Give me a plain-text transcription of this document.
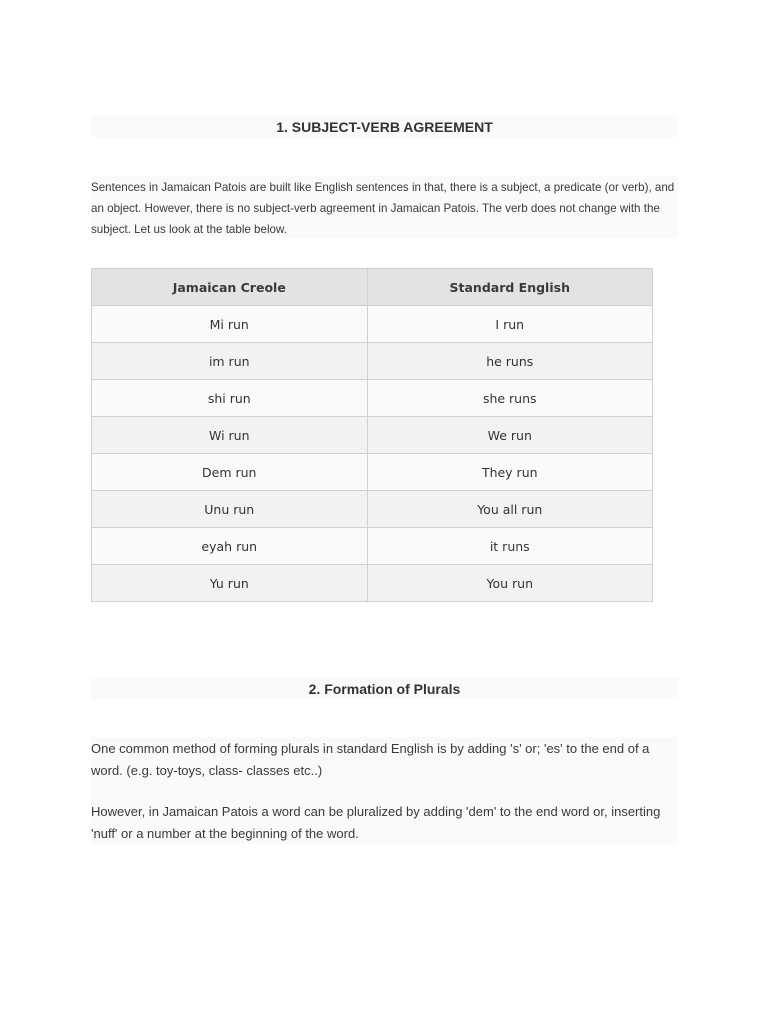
1. SUBJECT-VERB AGREEMENT

Sentences in Jamaican Patois are built like English sentences in that, there is a subject, a predicate (or verb), and an object. However, there is no subject-verb agreement in Jamaican Patois. The verb does not change with the subject. Let us look at the table below.

Jamaican Creole	Standard English
Mi run	I run
im run	he runs
shi run	she runs
Wi run	We run
Dem run	They run
Unu run	You all run
eyah run	it runs
Yu run	You run
2. Formation of Plurals

One common method of forming plurals in standard English is by adding 's' or; 'es' to the end of a word. (e.g. toy-toys, class- classes etc..)

However, in Jamaican Patois a word can be pluralized by adding 'dem' to the end word or, inserting 'nuff' or a number at the beginning of the word.
